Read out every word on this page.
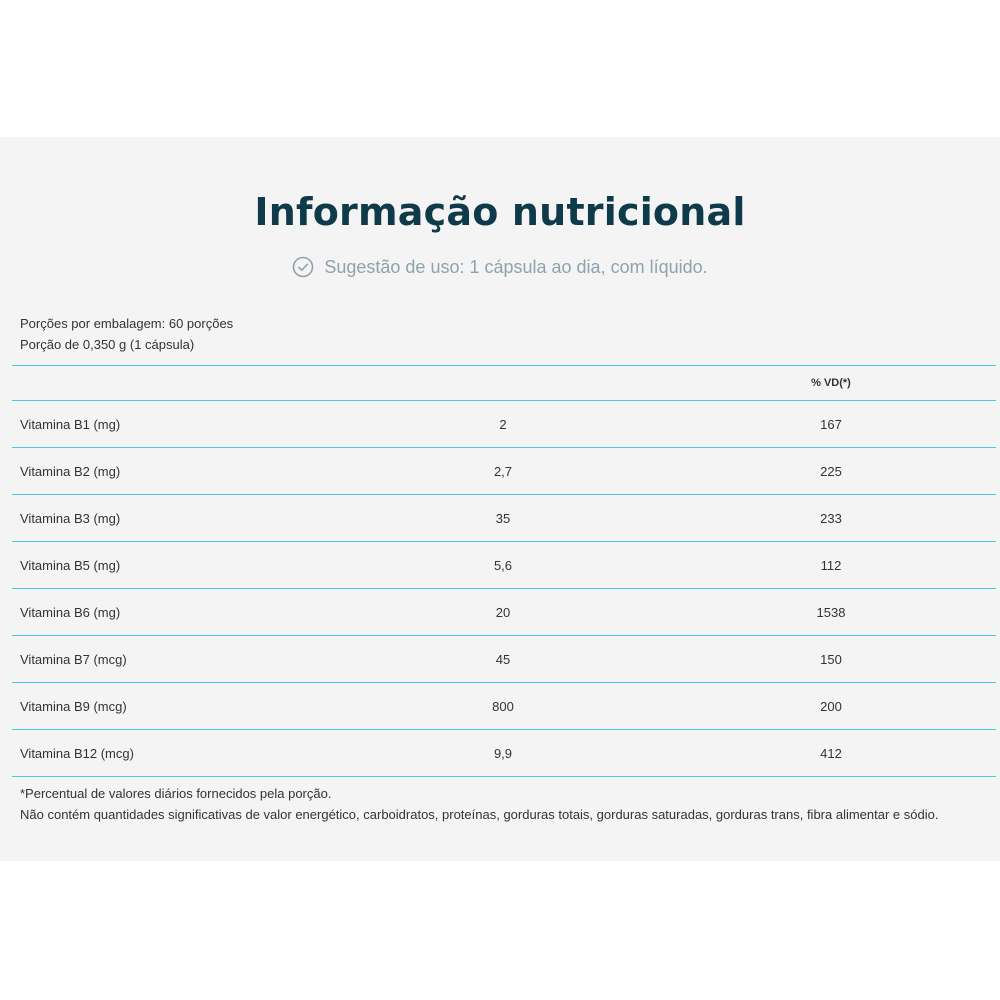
Informação nutricional
Sugestão de uso: 1 cápsula ao dia, com líquido.
Porções por embalagem: 60 porções
Porção de 0,350 g (1 cápsula)
% VD(*)
Vitamina B1 (mg)	2	167
Vitamina B2 (mg)	2,7	225
Vitamina B3 (mg)	35	233
Vitamina B5 (mg)	5,6	112
Vitamina B6 (mg)	20	1538
Vitamina B7 (mcg)	45	150
Vitamina B9 (mcg)	800	200
Vitamina B12 (mcg)	9,9	412

*Percentual de valores diários fornecidos pela porção.

Não contém quantidades significativas de valor energético, carboidratos, proteínas, gorduras totais, gorduras saturadas, gorduras trans, fibra alimentar e sódio.
